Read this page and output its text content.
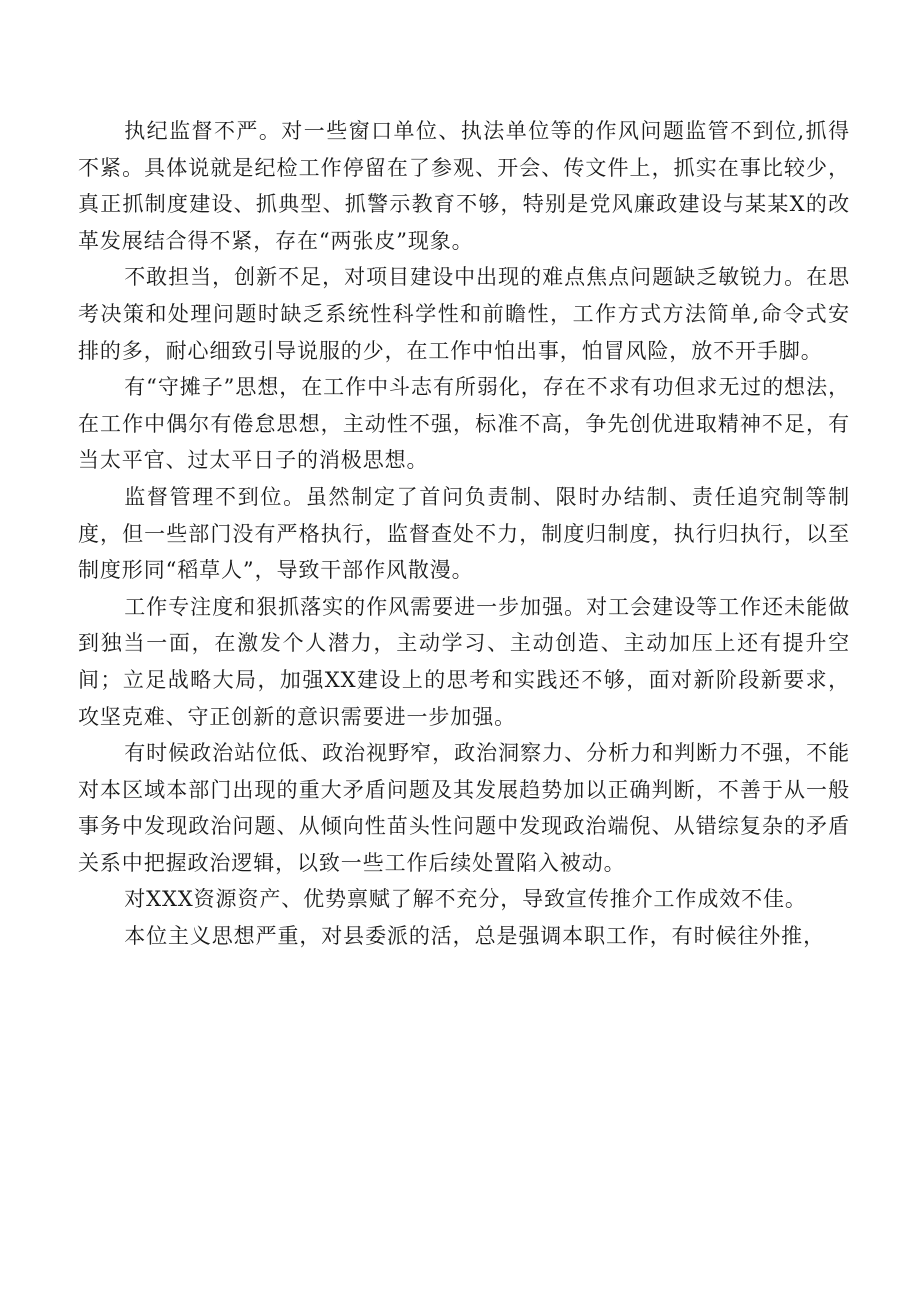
执纪监督不严。对一些窗口单位、执法单位等的作风问题监管不到位,抓得不紧。具体说就是纪检工作停留在了参观、开会、传文件上，抓实在事比较少，真正抓制度建设、抓典型、抓警示教育不够，特别是党风廉政建设与某某X的改革发展结合得不紧，存在“两张皮”现象。

不敢担当，创新不足，对项目建设中出现的难点焦点问题缺乏敏锐力。在思考决策和处理问题时缺乏系统性科学性和前瞻性，工作方式方法简单,命令式安排的多，耐心细致引导说服的少，在工作中怕出事，怕冒风险，放不开手脚。

有“守摊子”思想，在工作中斗志有所弱化，存在不求有功但求无过的想法，在工作中偶尔有倦怠思想，主动性不强，标准不高，争先创优进取精神不足，有当太平官、过太平日子的消极思想。

监督管理不到位。虽然制定了首问负责制、限时办结制、责任追究制等制度，但一些部门没有严格执行，监督查处不力，制度归制度，执行归执行，以至制度形同“稻草人”，导致干部作风散漫。

工作专注度和狠抓落实的作风需要进一步加强。对工会建设等工作还未能做到独当一面，在激发个人潜力，主动学习、主动创造、主动加压上还有提升空间；立足战略大局，加强XX建设上的思考和实践还不够，面对新阶段新要求，攻坚克难、守正创新的意识需要进一步加强。

有时候政治站位低、政治视野窄，政治洞察力、分析力和判断力不强，不能对本区域本部门出现的重大矛盾问题及其发展趋势加以正确判断，不善于从一般事务中发现政治问题、从倾向性苗头性问题中发现政治端倪、从错综复杂的矛盾关系中把握政治逻辑，以致一些工作后续处置陷入被动。

对XXX资源资产、优势禀赋了解不充分，导致宣传推介工作成效不佳。

本位主义思想严重，对县委派的活，总是强调本职工作，有时候往外推，
